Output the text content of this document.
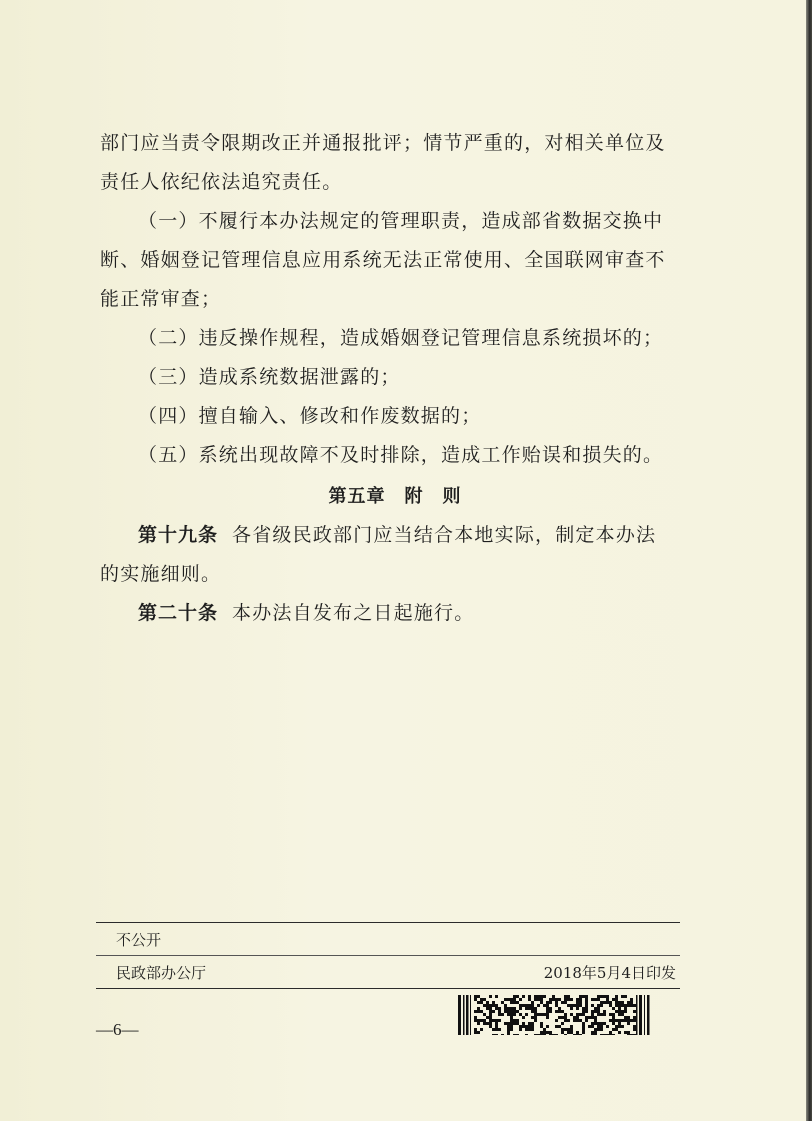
部门应当责令限期改正并通报批评；情节严重的，对相关单位及
责任人依纪依法追究责任。
（一）不履行本办法规定的管理职责，造成部省数据交换中
断、婚姻登记管理信息应用系统无法正常使用、全国联网审查不
能正常审查；
（二）违反操作规程，造成婚姻登记管理信息系统损坏的；
（三）造成系统数据泄露的；
（四）擅自输入、修改和作废数据的；
（五）系统出现故障不及时排除，造成工作贻误和损失的。
第五章　附　则
第十九条 各省级民政部门应当结合本地实际，制定本办法
的实施细则。
第二十条 本办法自发布之日起施行。
不公开
民政部办公厅	2018年5月4日印发
—6—
